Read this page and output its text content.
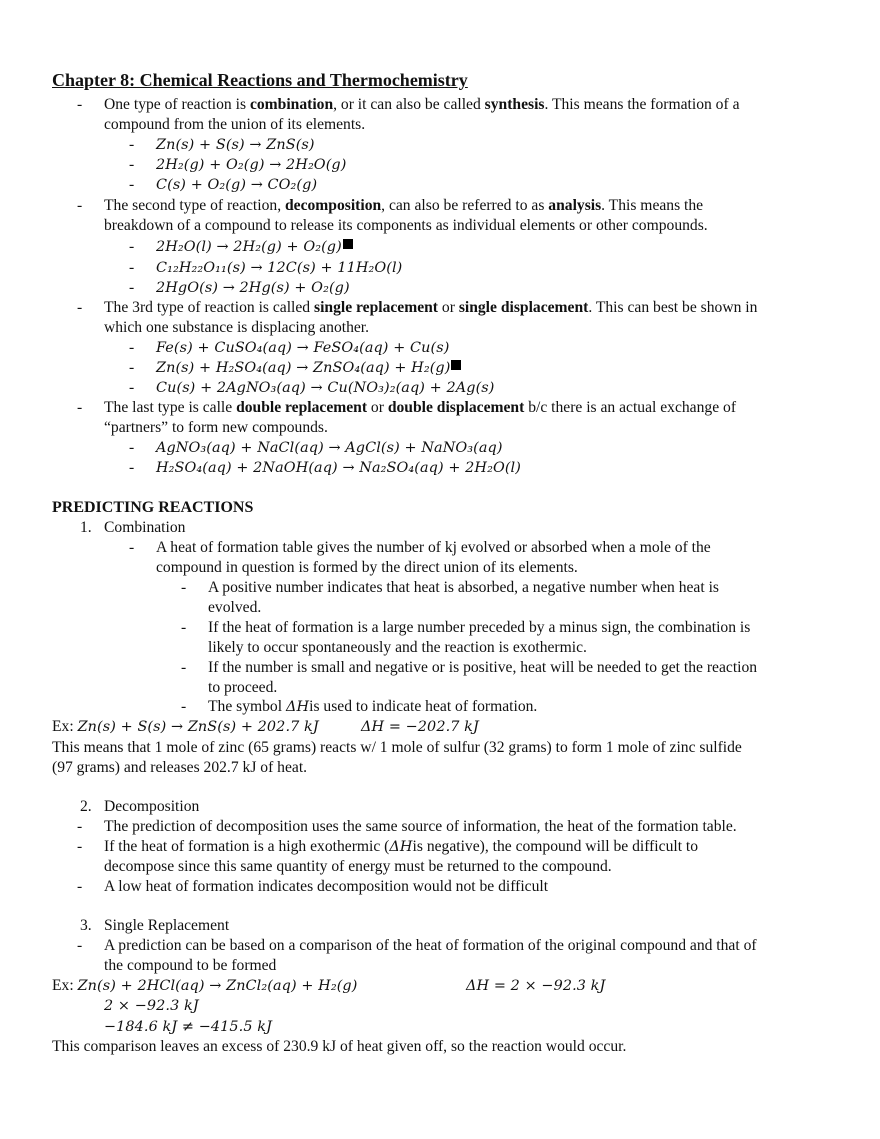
Chapter 8: Chemical Reactions and Thermochemistry
- One type of reaction is combination, or it can also be called synthesis. This means the formation of a
compound from the union of its elements.
- Zn(s) + S(s) → ZnS(s)
- 2H₂(g) + O₂(g) → 2H₂O(g)
- C(s) + O₂(g) → CO₂(g)
- The second type of reaction, decomposition, can also be referred to as analysis. This means the
breakdown of a compound to release its components as individual elements or other compounds.
- 2H₂O(l) → 2H₂(g) + O₂(g)
- C₁₂H₂₂O₁₁(s) → 12C(s) + 11H₂O(l)
- 2HgO(s) → 2Hg(s) + O₂(g)
- The 3rd type of reaction is called single replacement or single displacement. This can best be shown in
which one substance is displacing another.
- Fe(s) + CuSO₄(aq) → FeSO₄(aq) + Cu(s)
- Zn(s) + H₂SO₄(aq) → ZnSO₄(aq) + H₂(g)
- Cu(s) + 2AgNO₃(aq) → Cu(NO₃)₂(aq) + 2Ag(s)
- The last type is calle double replacement or double displacement b/c there is an actual exchange of
“partners” to form new compounds.
- AgNO₃(aq) + NaCl(aq) → AgCl(s) + NaNO₃(aq)
- H₂SO₄(aq) + 2NaOH(aq) → Na₂SO₄(aq) + 2H₂O(l)
PREDICTING REACTIONS
1. Combination
- A heat of formation table gives the number of kj evolved or absorbed when a mole of the
compound in question is formed by the direct union of its elements.
- A positive number indicates that heat is absorbed, a negative number when heat is
evolved.
- If the heat of formation is a large number preceded by a minus sign, the combination is
likely to occur spontaneously and the reaction is exothermic.
- If the number is small and negative or is positive, heat will be needed to get the reaction
to proceed.
- The symbol ΔHis used to indicate heat of formation.
Ex: Zn(s) + S(s) → ZnS(s) + 202.7 kJ	ΔH = −202.7 kJ
This means that 1 mole of zinc (65 grams) reacts w/ 1 mole of sulfur (32 grams) to form 1 mole of zinc sulfide
(97 grams) and releases 202.7 kJ of heat.
2. Decomposition
- The prediction of decomposition uses the same source of information, the heat of the formation table.
- If the heat of formation is a high exothermic (ΔHis negative), the compound will be difficult to
decompose since this same quantity of energy must be returned to the compound.
- A low heat of formation indicates decomposition would not be difficult
3. Single Replacement
- A prediction can be based on a comparison of the heat of formation of the original compound and that of
the compound to be formed
Ex: Zn(s) + 2HCl(aq) → ZnCl₂(aq) + H₂(g)	ΔH = 2 × −92.3 kJ
2 × −92.3 kJ
−184.6 kJ ≠ −415.5 kJ
This comparison leaves an excess of 230.9 kJ of heat given off, so the reaction would occur.
